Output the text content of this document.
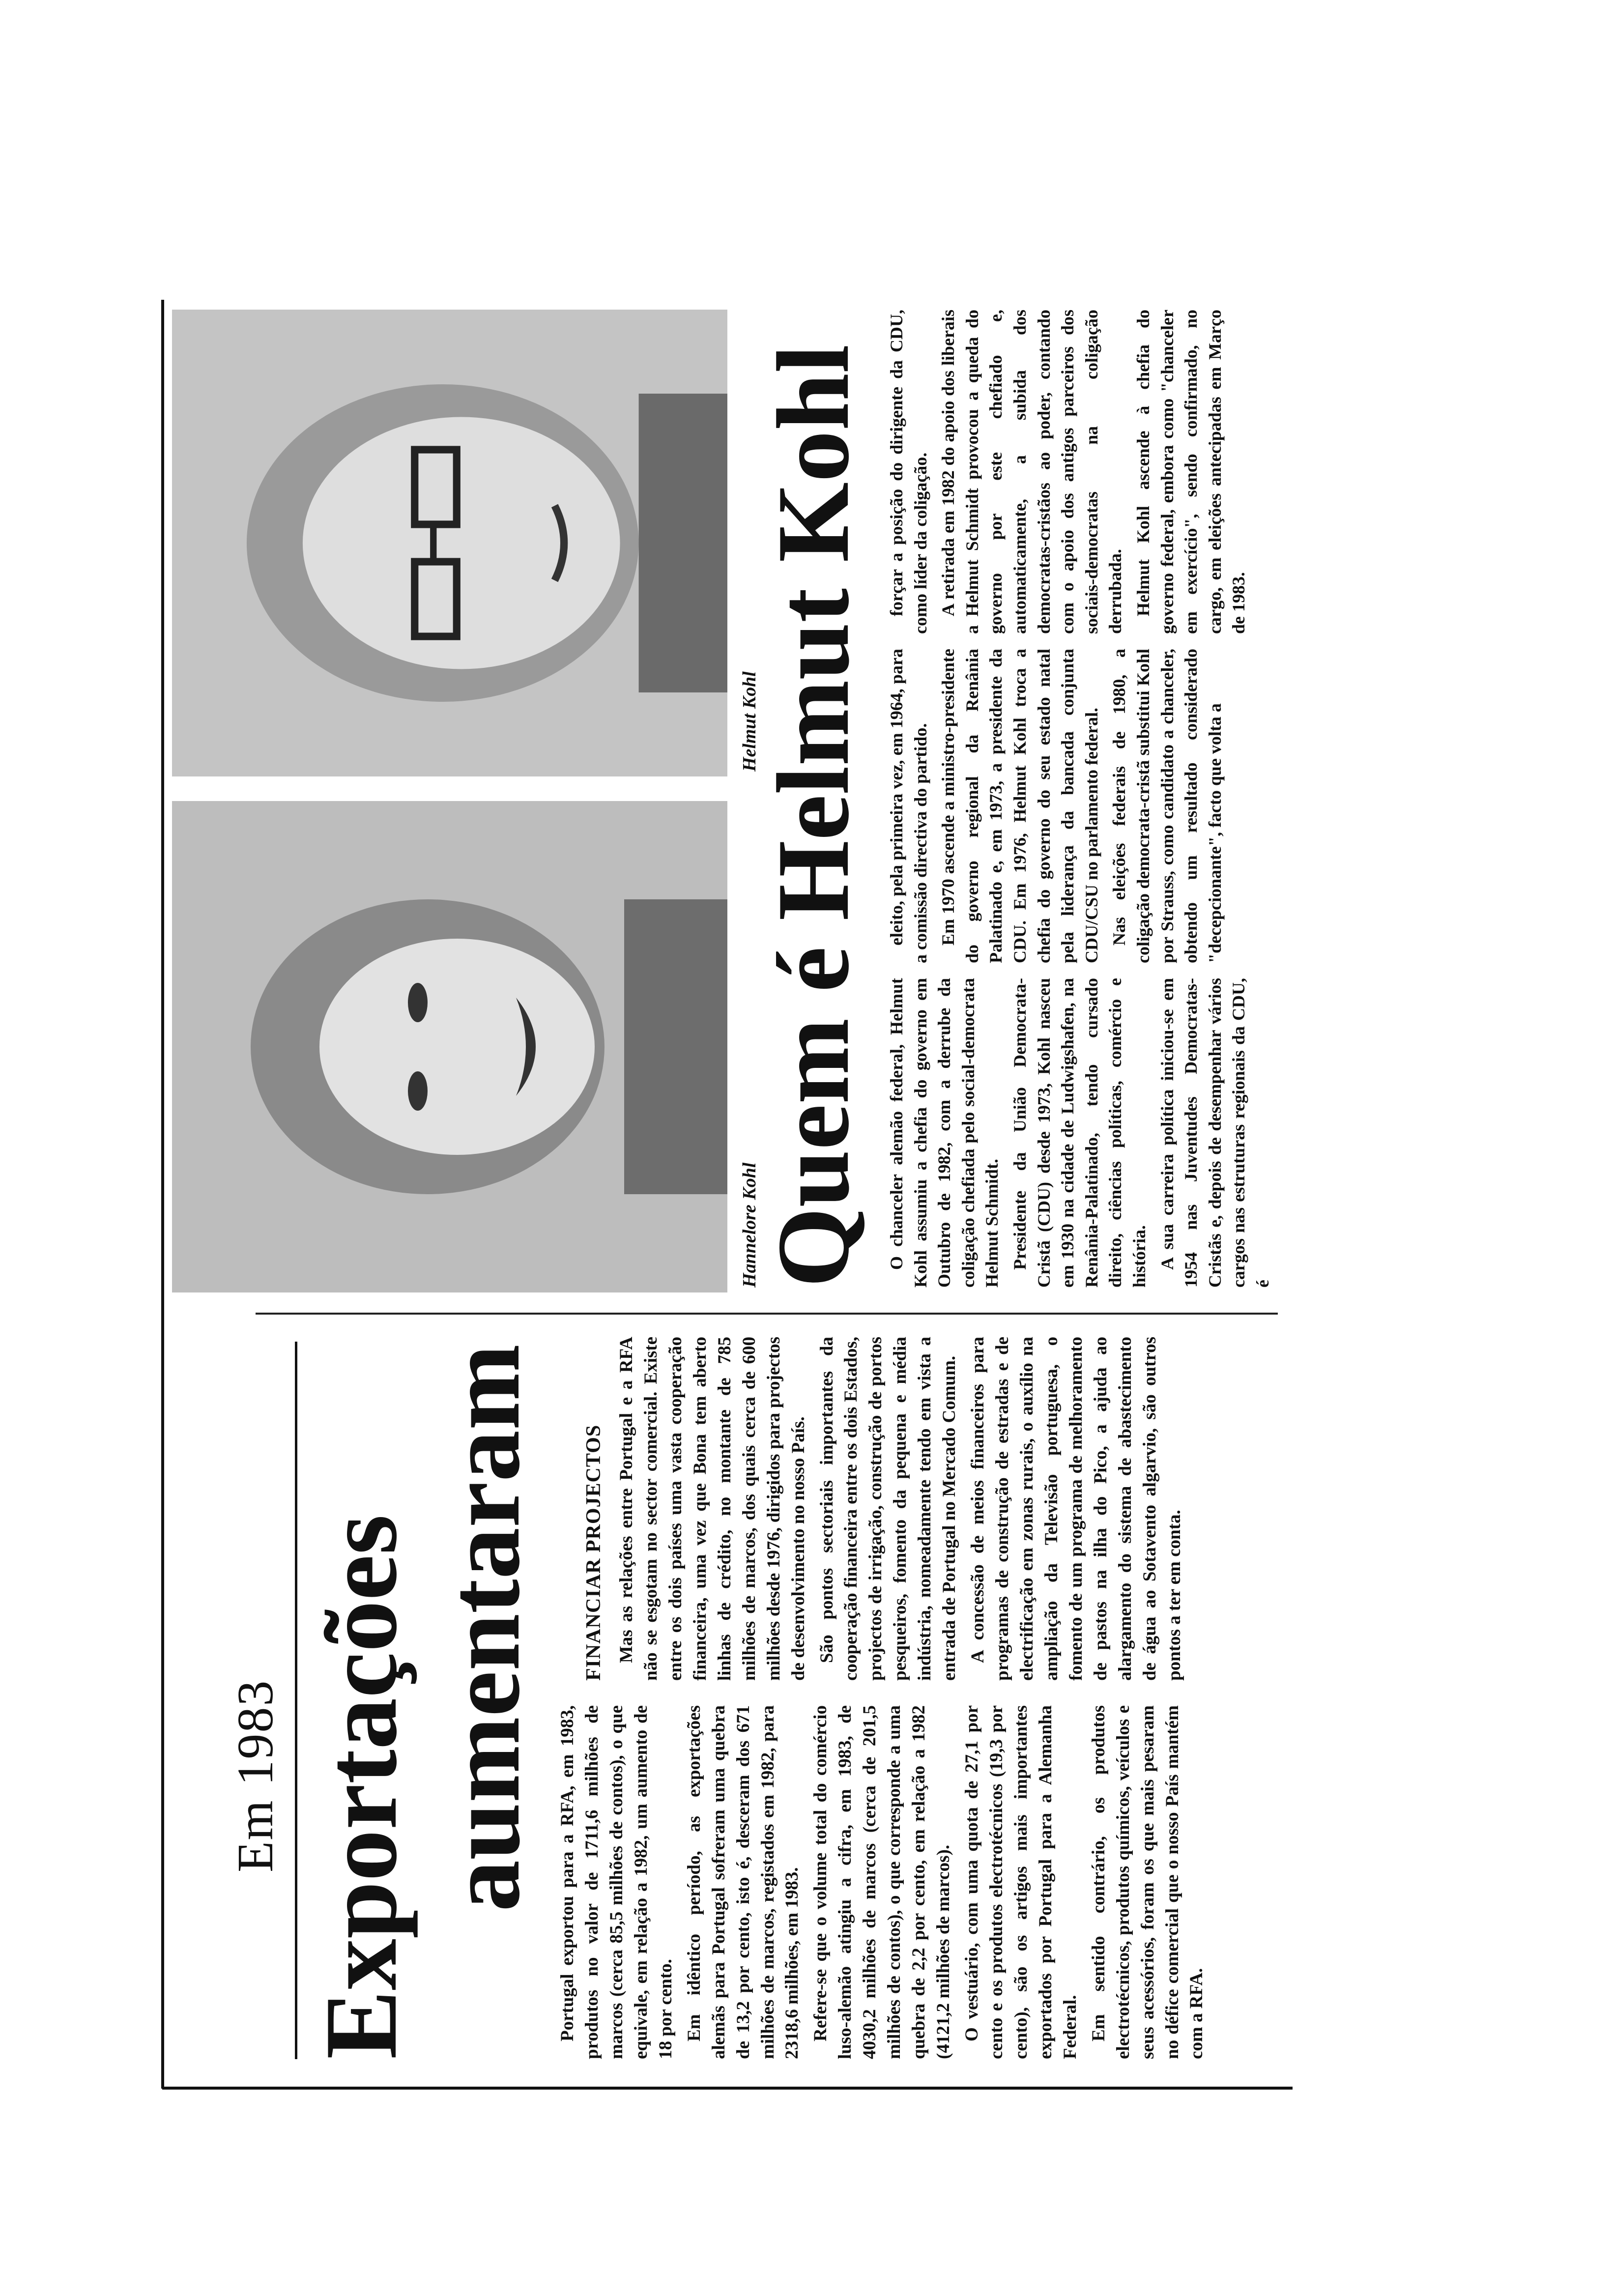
Em 1983 Exportações aumentaram FINANCIAR PROJECTOS

Portugal exportou para a RFA, em 1983, produtos no valor de 1711,6 milhões de marcos (cerca 85,5 milhões de contos), o que equivale, em relação a 1982, um aumento de 18 por cento. Em idêntico período, as exportações alemãs para Portugal sofreram uma quebra de 13,2 por cento, isto é, desceram dos 671 milhões de marcos, registados em 1982, para 2318,6 milhões, em 1983. Refere-se que o volume total do comércio luso-alemão atingiu a cifra, em 1983, de 4030,2 milhões de marcos (cerca de 201,5 milhões de contos), o que corresponde a uma quebra de 2,2 por cento, em relação a 1982 (4121,2 milhões de marcos). O vestuário, com uma quota de 27,1 por cento e os produtos electrotécnicos (19,3 por cento), são os artigos mais importantes exportados por Portugal para a Alemanha Federal. Em sentido contrário, os produtos electrotécnicos, produtos químicos, veículos e seus acessórios, foram os que mais pesaram no défice comercial que o nosso País mantém com a RFA.

Mas as relações entre Portugal e a RFA não se esgotam no sector comercial. Existe entre os dois países uma vasta cooperação financeira, uma vez que Bona tem aberto linhas de crédito, no montante de 785 milhões de marcos, dos quais cerca de 600 milhões desde 1976, dirigidos para projectos de desenvolvimento no nosso País. São pontos sectoriais importantes da cooperação financeira entre os dois Estados, projectos de irrigação, construção de portos pesqueiros, fomento da pequena e média indústria, nomeadamente tendo em vista a entrada de Portugal no Mercado Comum. A concessão de meios financeiros para programas de construção de estradas e de electrificação em zonas rurais, o auxílio na ampliação da Televisão portuguesa, o fomento de um programa de melhoramento de pastos na ilha do Pico, a ajuda ao alargamento do sistema de abastecimento de água ao Sotavento algarvio, são outros pontos a ter em conta.

Hannelore Kohl
Helmut Kohl
Quem é Helmut Kohl O chanceler alemão federal, Helmut Kohl assumiu a chefia do governo em Outubro de 1982, com a derrube da coligação chefiada pelo social-democrata Helmut Schmidt. Presidente da União Democrata-Cristã (CDU) desde 1973, Kohl nasceu em 1930 na cidade de Ludwigshafen, na Renânia-Palatinado, tendo cursado direito, ciências políticas, comércio e história. A sua carreira política iniciou-se em 1954 nas Juventudes Democratas-Cristãs e, depois de desempenhar vários cargos nas estruturas regionais da CDU, é

eleito, pela primeira vez, em 1964, para a comissão directiva do partido. Em 1970 ascende a ministro-presidente do governo regional da Renânia Palatinado e, em 1973, a presidente da CDU. Em 1976, Helmut Kohl troca a chefia do governo do seu estado natal pela liderança da bancada conjunta CDU/CSU no parlamento federal. Nas eleições federais de 1980, a coligação democrata-cristã substitui Kohl por Strauss, como candidato a chanceler, obtendo um resultado considerado "decepcionante", facto que volta a

forçar a posição do dirigente da CDU, como líder da coligação. A retirada em 1982 do apoio dos liberais a Helmut Schmidt provocou a queda do governo por este chefiado e, automaticamente, a subida dos democratas-cristãos ao poder, contando com o apoio dos antigos parceiros dos sociais-democratas na coligação derrubada. Helmut Kohl ascende à chefia do governo federal, embora como "chanceler em exercício", sendo confirmado, no cargo, em eleições antecipadas em Março de 1983.
